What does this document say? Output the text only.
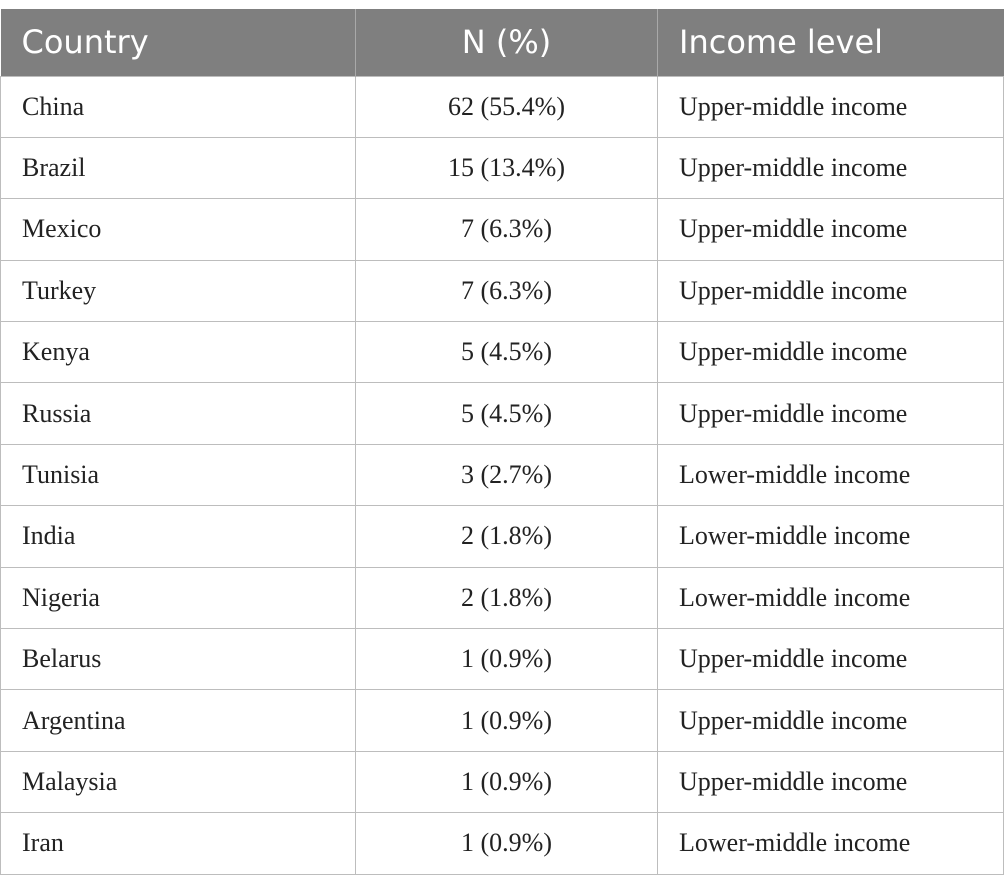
Country	N (%)	Income level
China	62 (55.4%)	Upper-middle income
Brazil	15 (13.4%)	Upper-middle income
Mexico	7 (6.3%)	Upper-middle income
Turkey	7 (6.3%)	Upper-middle income
Kenya	5 (4.5%)	Upper-middle income
Russia	5 (4.5%)	Upper-middle income
Tunisia	3 (2.7%)	Lower-middle income
India	2 (1.8%)	Lower-middle income
Nigeria	2 (1.8%)	Lower-middle income
Belarus	1 (0.9%)	Upper-middle income
Argentina	1 (0.9%)	Upper-middle income
Malaysia	1 (0.9%)	Upper-middle income
Iran	1 (0.9%)	Lower-middle income
